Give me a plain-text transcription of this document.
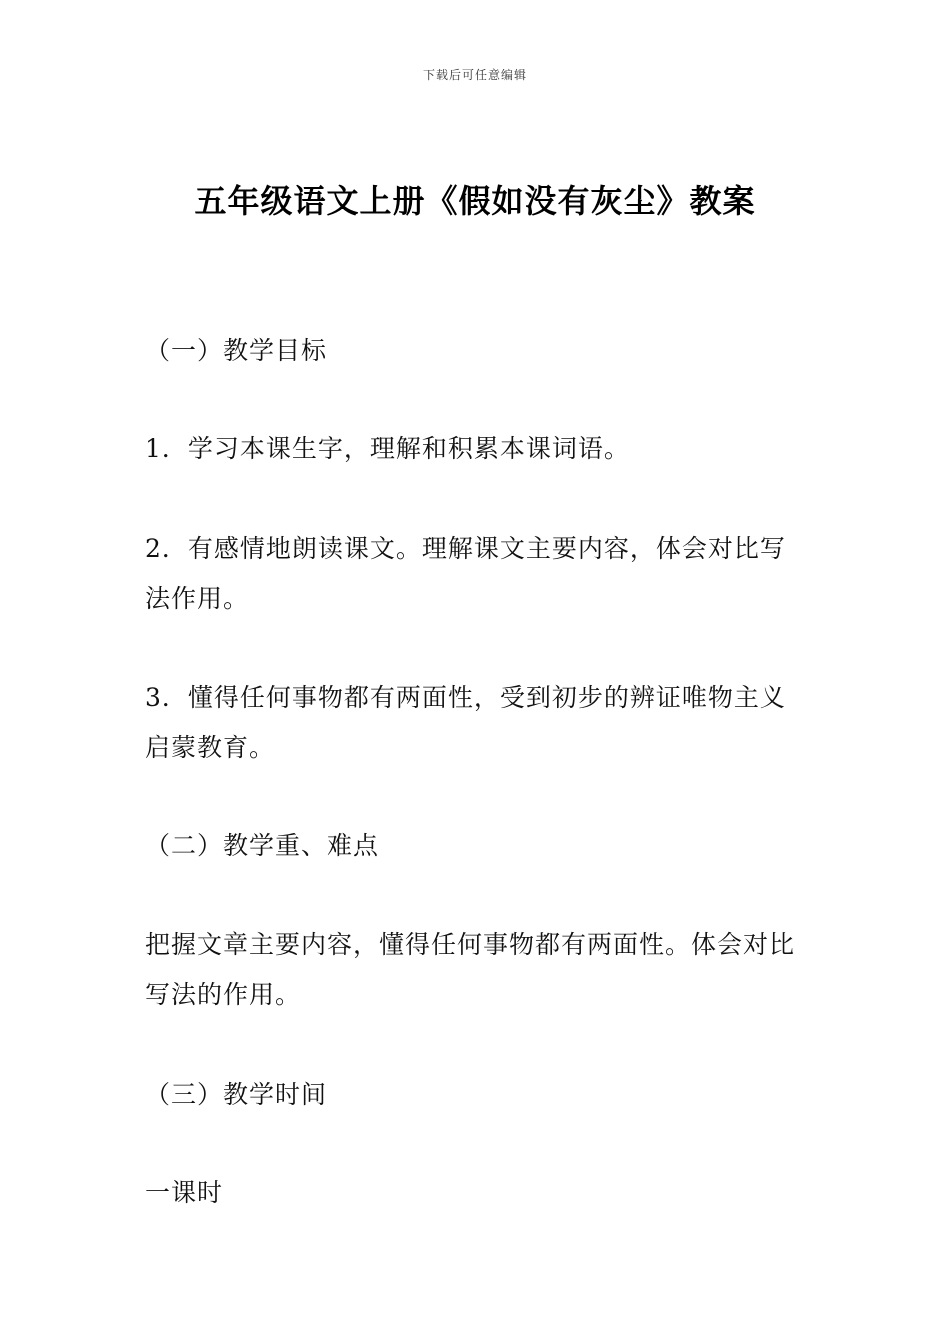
下载后可任意编辑
五年级语文上册《假如没有灰尘》教案

（一）教学目标

1．学习本课生字，理解和积累本课词语。

2．有感情地朗读课文。理解课文主要内容，体会对比写法作用。

3．懂得任何事物都有两面性，受到初步的辨证唯物主义启蒙教育。

（二）教学重、难点

把握文章主要内容，懂得任何事物都有两面性。体会对比写法的作用。

（三）教学时间

一课时
